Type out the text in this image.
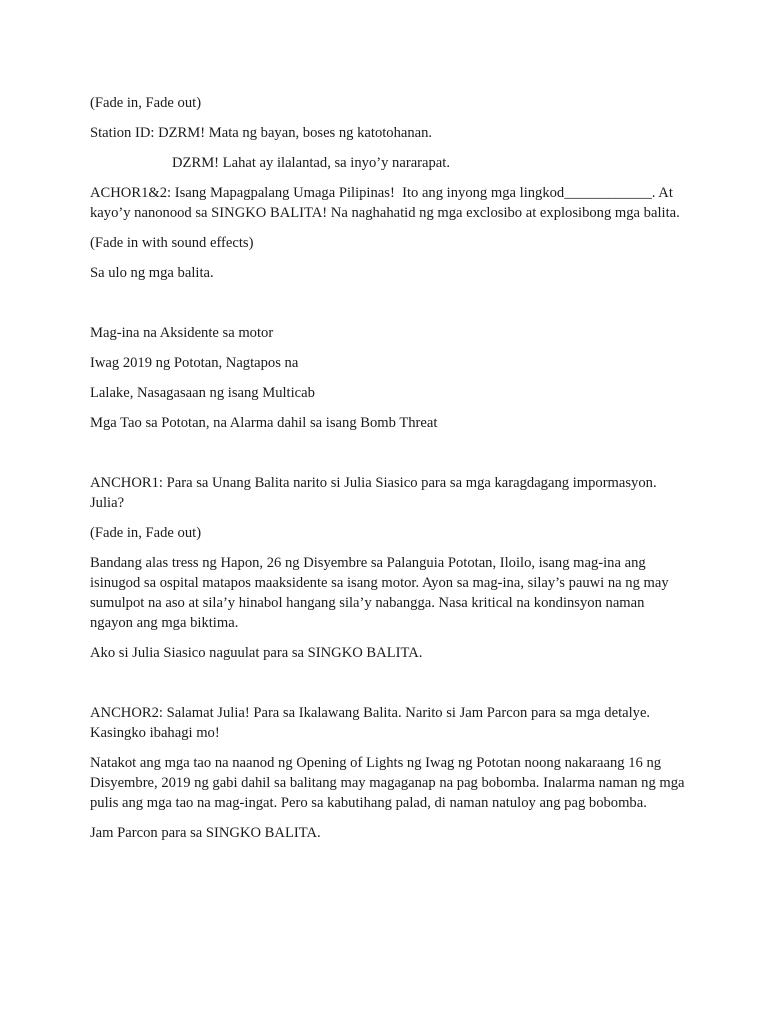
(Fade in, Fade out)

Station ID: DZRM! Mata ng bayan, boses ng katotohanan.

DZRM! Lahat ay ilalantad, sa inyo’y nararapat.

ACHOR1&2: Isang Mapagpalang Umaga Pilipinas!  Ito ang inyong mga lingkod____________. At kayo’y nanonood sa SINGKO BALITA! Na naghahatid ng mga exclosibo at explosibong mga balita.

(Fade in with sound effects)

Sa ulo ng mga balita.

Mag-ina na Aksidente sa motor

Iwag 2019 ng Pototan, Nagtapos na

Lalake, Nasagasaan ng isang Multicab

Mga Tao sa Pototan, na Alarma dahil sa isang Bomb Threat

ANCHOR1: Para sa Unang Balita narito si Julia Siasico para sa mga karagdagang impormasyon. Julia?

(Fade in, Fade out)

Bandang alas tress ng Hapon, 26 ng Disyembre sa Palanguia Pototan, Iloilo, isang mag-ina ang isinugod sa ospital matapos maaksidente sa isang motor. Ayon sa mag-ina, silay’s pauwi na ng may sumulpot na aso at sila’y hinabol hangang sila’y nabangga. Nasa kritical na kondinsyon naman ngayon ang mga biktima.

Ako si Julia Siasico naguulat para sa SINGKO BALITA.

ANCHOR2: Salamat Julia! Para sa Ikalawang Balita. Narito si Jam Parcon para sa mga detalye. Kasingko ibahagi mo!

Natakot ang mga tao na naanod ng Opening of Lights ng Iwag ng Pototan noong nakaraang 16 ng Disyembre, 2019 ng gabi dahil sa balitang may magaganap na pag bobomba. Inalarma naman ng mga pulis ang mga tao na mag-ingat. Pero sa kabutihang palad, di naman natuloy ang pag bobomba.

Jam Parcon para sa SINGKO BALITA.
